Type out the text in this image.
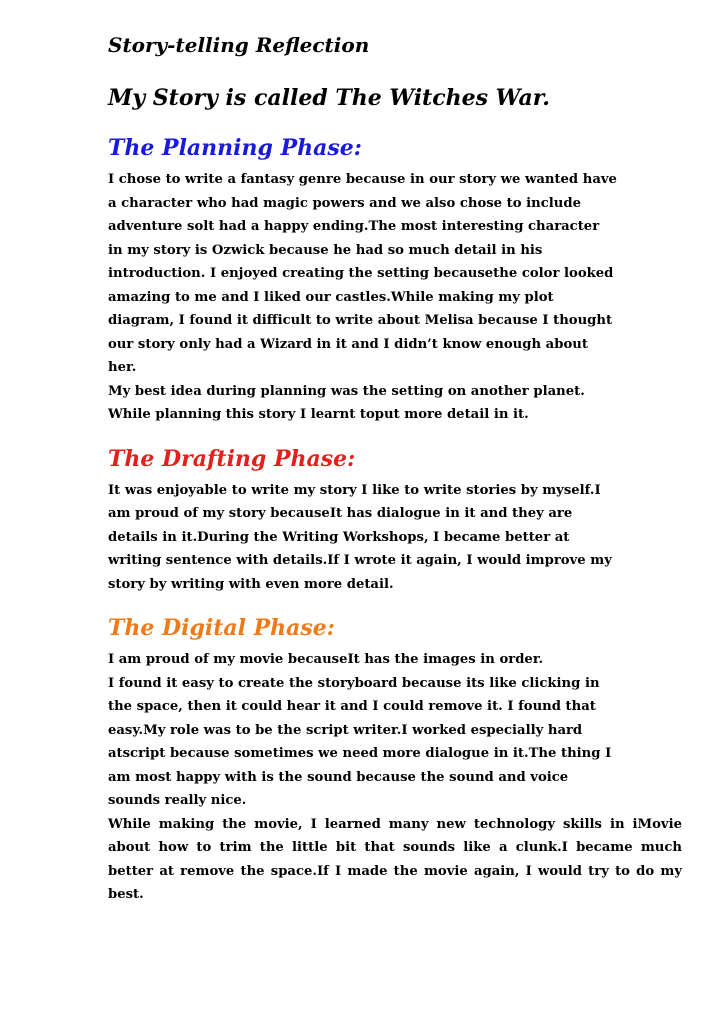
Story-telling Reflection
My Story is called The Witches War.
The Planning Phase:

I chose to write a fantasy genre because in our story we wanted have a character who had magic powers and we also chose to include adventure solt had a happy ending.The most interesting character in my story is Ozwick because he had so much detail in his introduction. I enjoyed creating the setting becausethe color looked amazing to me and I liked our castles.While making my plot diagram, I found it difficult to write about Melisa because I thought our story only had a Wizard in it and I didn’t know enough about her.

My best idea during planning was the setting on another planet. While planning this story I learnt toput more detail in it.

The Drafting Phase:

It was enjoyable to write my story I like to write stories by myself.I am proud of my story becauseIt has dialogue in it and they are details in it.During the Writing Workshops, I became better at writing sentence with details.If I wrote it again, I would improve my story by writing with even more detail.

The Digital Phase:

I am proud of my movie becauseIt has the images in order.

I found it easy to create the storyboard because its like clicking in the space, then it could hear it and I could remove it. I found that easy.My role was to be the script writer.I worked especially hard atscript because sometimes we need more dialogue in it.The thing I am most happy with is the sound because the sound and voice sounds really nice.

While making the movie, I learned many new technology skills in iMovie about how to trim the little bit that sounds like a clunk.I became much better at remove the space.If I made the movie again, I would try to do my best.
